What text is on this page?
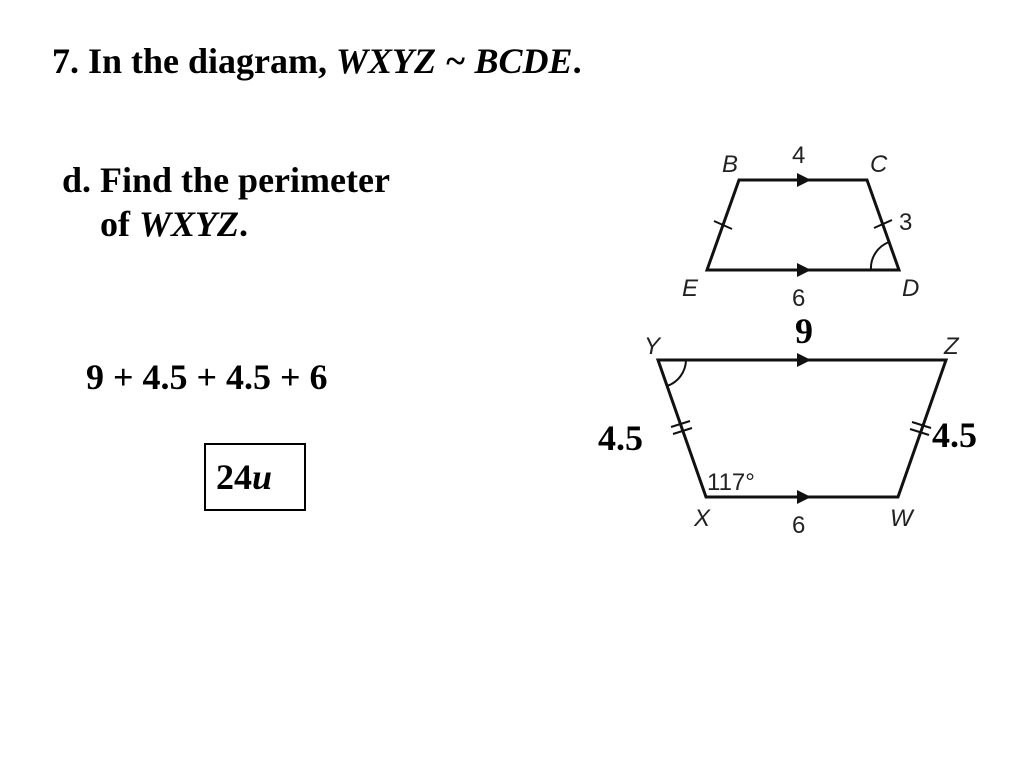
7. In the diagram, WXYZ ~ BCDE.
d. Find the perimeter
of WXYZ.
9 + 4.5 + 4.5 + 6
24u
9
4.5	4.5
B	C
D
E
4
3
6
Y	Z
X	W
117°
6
